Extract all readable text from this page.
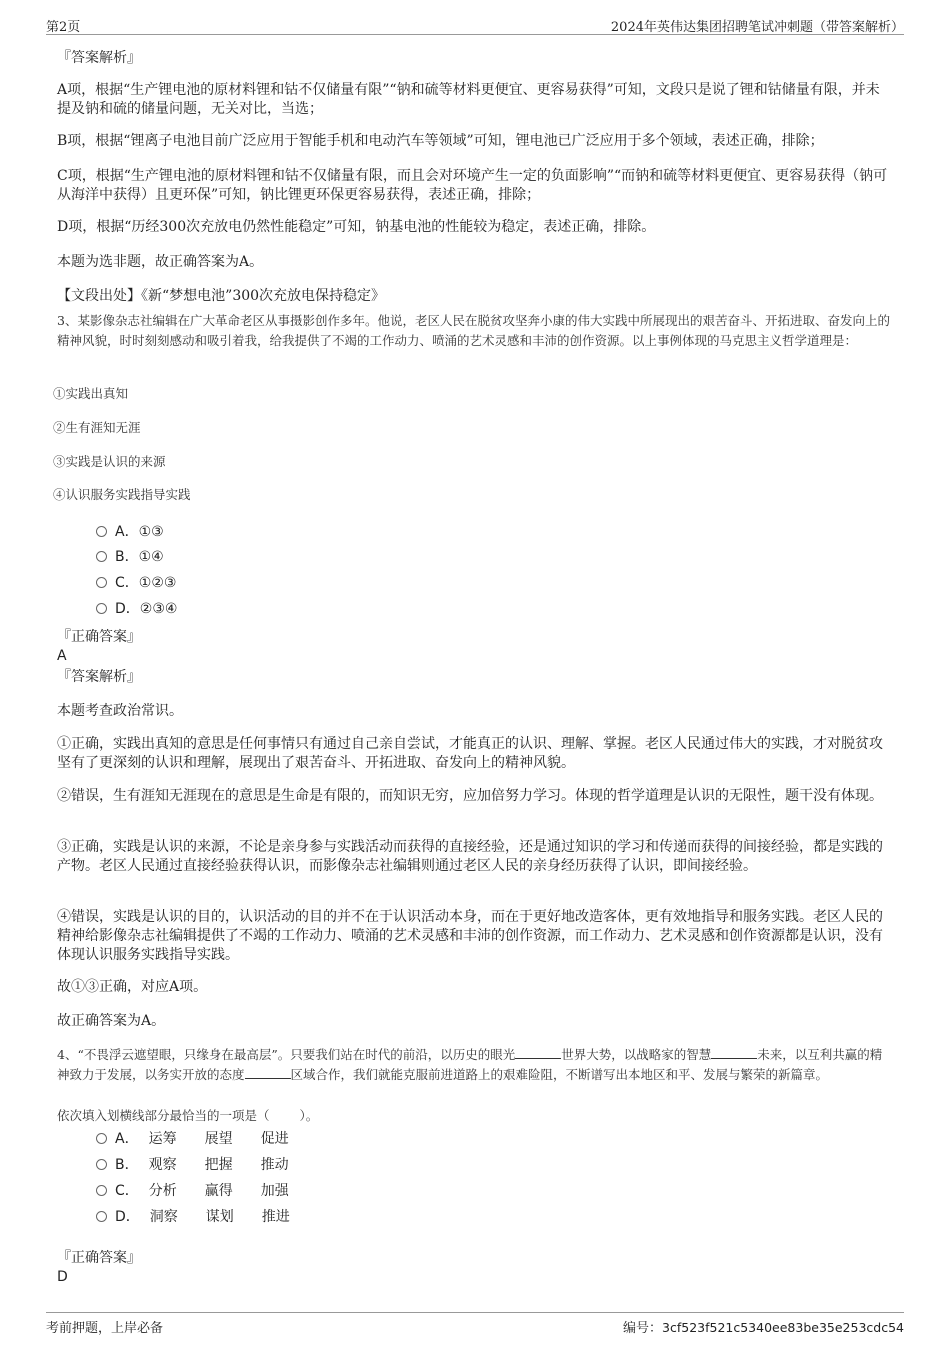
第2页	2024年英伟达集团招聘笔试冲刺题（带答案解析）
『答案解析』
A项，根据“生产锂电池的原材料锂和钴不仅储量有限”“钠和硫等材料更便宜、更容易获得”可知，文段只是说了锂和钴储量有限，并未提及钠和硫的储量问题，无关对比，当选；
B项，根据“锂离子电池目前广泛应用于智能手机和电动汽车等领域”可知，锂电池已广泛应用于多个领域，表述正确，排除；
C项，根据“生产锂电池的原材料锂和钴不仅储量有限，而且会对环境产生一定的负面影响”“而钠和硫等材料更便宜、更容易获得（钠可从海洋中获得）且更环保”可知，钠比锂更环保更容易获得，表述正确，排除；
D项，根据“历经300次充放电仍然性能稳定”可知，钠基电池的性能较为稳定，表述正确，排除。
本题为选非题，故正确答案为A。
【文段出处】《新“梦想电池”300次充放电保持稳定》
3、某影像杂志社编辑在广大革命老区从事摄影创作多年。他说，老区人民在脱贫攻坚奔小康的伟大实践中所展现出的艰苦奋斗、开拓进取、奋发向上的精神风貌，时时刻刻感动和吸引着我，给我提供了不竭的工作动力、喷涌的艺术灵感和丰沛的创作资源。以上事例体现的马克思主义哲学道理是：
①实践出真知
②生有涯知无涯
③实践是认识的来源
④认识服务实践指导实践
A．①③
B．①④
C．①②③
D．②③④
『正确答案』
A
『答案解析』
本题考查政治常识。
①正确，实践出真知的意思是任何事情只有通过自己亲自尝试，才能真正的认识、理解、掌握。老区人民通过伟大的实践，才对脱贫攻坚有了更深刻的认识和理解，展现出了艰苦奋斗、开拓进取、奋发向上的精神风貌。
②错误，生有涯知无涯现在的意思是生命是有限的，而知识无穷，应加倍努力学习。体现的哲学道理是认识的无限性，题干没有体现。
③正确，实践是认识的来源，不论是亲身参与实践活动而获得的直接经验，还是通过知识的学习和传递而获得的间接经验，都是实践的产物。老区人民通过直接经验获得认识，而影像杂志社编辑则通过老区人民的亲身经历获得了认识，即间接经验。
④错误，实践是认识的目的，认识活动的目的并不在于认识活动本身，而在于更好地改造客体，更有效地指导和服务实践。老区人民的精神给影像杂志社编辑提供了不竭的工作动力、喷涌的艺术灵感和丰沛的创作资源，而工作动力、艺术灵感和创作资源都是认识，没有体现认识服务实践指导实践。
故①③正确，对应A项。
故正确答案为A。
4、“不畏浮云遮望眼，只缘身在最高层”。只要我们站在时代的前沿，以历史的眼光	世界大势，以战略家的智慧	未来，以互利共赢的精神致力于发展，以务实开放的态度	区域合作，我们就能克服前进道路上的艰难险阻，不断谱写出本地区和平、发展与繁荣的新篇章。
依次填入划横线部分最恰当的一项是（ ）。
A． 运筹 展望 促进
B． 观察 把握 推动
C． 分析 赢得 加强
D． 洞察 谋划 推进
『正确答案』
D
考前押题，上岸必备	编号：3cf523f521c5340ee83be35e253cdc54
